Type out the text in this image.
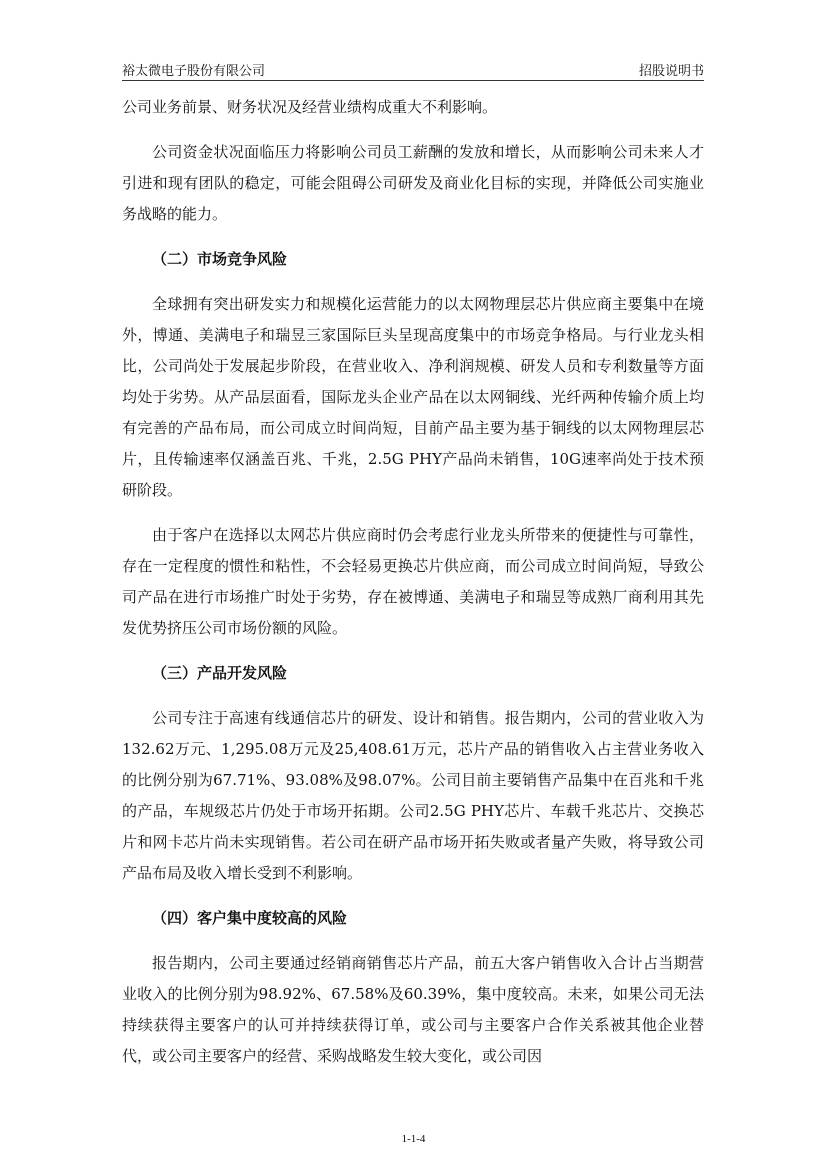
裕太微电子股份有限公司	招股说明书

公司业务前景、财务状况及经营业绩构成重大不利影响。

公司资金状况面临压力将影响公司员工薪酬的发放和增长，从而影响公司未来人才引进和现有团队的稳定，可能会阻碍公司研发及商业化目标的实现，并降低公司实施业务战略的能力。

（二）市场竞争风险

全球拥有突出研发实力和规模化运营能力的以太网物理层芯片供应商主要集中在境外，博通、美满电子和瑞昱三家国际巨头呈现高度集中的市场竞争格局。与行业龙头相比，公司尚处于发展起步阶段，在营业收入、净利润规模、研发人员和专利数量等方面均处于劣势。从产品层面看，国际龙头企业产品在以太网铜线、光纤两种传输介质上均有完善的产品布局，而公司成立时间尚短，目前产品主要为基于铜线的以太网物理层芯片，且传输速率仅涵盖百兆、千兆，2.5G PHY产品尚未销售，10G速率尚处于技术预研阶段。

由于客户在选择以太网芯片供应商时仍会考虑行业龙头所带来的便捷性与可靠性，存在一定程度的惯性和粘性，不会轻易更换芯片供应商，而公司成立时间尚短，导致公司产品在进行市场推广时处于劣势，存在被博通、美满电子和瑞昱等成熟厂商利用其先发优势挤压公司市场份额的风险。

（三）产品开发风险

公司专注于高速有线通信芯片的研发、设计和销售。报告期内，公司的营业收入为132.62万元、1,295.08万元及25,408.61万元，芯片产品的销售收入占主营业务收入的比例分别为67.71%、93.08%及98.07%。公司目前主要销售产品集中在百兆和千兆的产品，车规级芯片仍处于市场开拓期。公司2.5G PHY芯片、车载千兆芯片、交换芯片和网卡芯片尚未实现销售。若公司在研产品市场开拓失败或者量产失败，将导致公司产品布局及收入增长受到不利影响。

（四）客户集中度较高的风险

报告期内，公司主要通过经销商销售芯片产品，前五大客户销售收入合计占当期营业收入的比例分别为98.92%、67.58%及60.39%，集中度较高。未来，如果公司无法持续获得主要客户的认可并持续获得订单，或公司与主要客户合作关系被其他企业替代，或公司主要客户的经营、采购战略发生较大变化，或公司因

1-1-4
